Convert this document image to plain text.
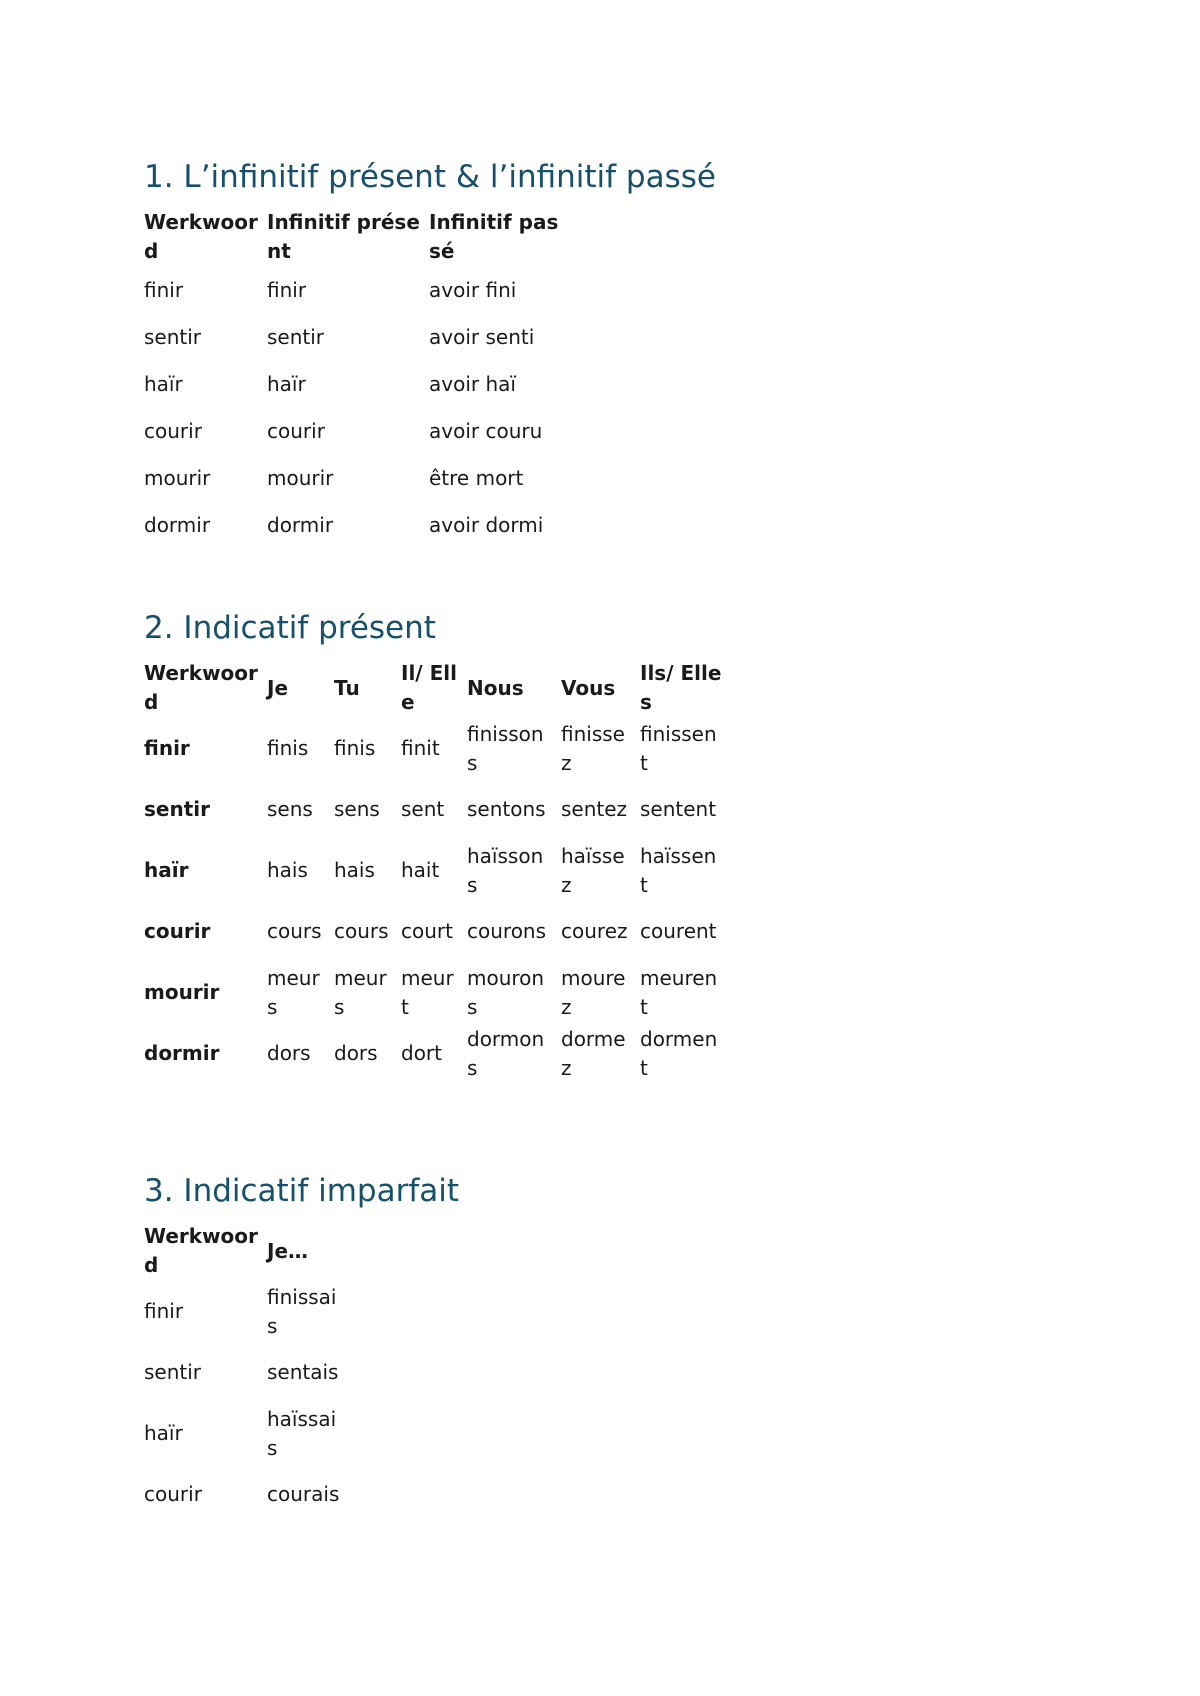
1. L’infinitif présent & l’infinitif passé
Werkwoord	Infinitif présent	Infinitif passé
finir	finir	avoir fini
sentir	sentir	avoir senti
haïr	haïr	avoir haï
courir	courir	avoir couru
mourir	mourir	être mort
dormir	dormir	avoir dormi
2. Indicatif présent
Werkwoord	Je	Tu	Il/ Elle	Nous	Vous	Ils/ Elles
finir	finis	finis	finit	finissons	finissez	finissent
sentir	sens	sens	sent	sentons	sentez	sentent
haïr	hais	hais	hait	haïssons	haïssez	haïssent
courir	cours	cours	court	courons	courez	courent
mourir	meurs	meurs	meurt	mourons	mourez	meurent
dormir	dors	dors	dort	dormons	dormez	dorment
3. Indicatif imparfait
Werkwoord	Je…
finir	finissais
sentir	sentais
haïr	haïssais
courir	courais
